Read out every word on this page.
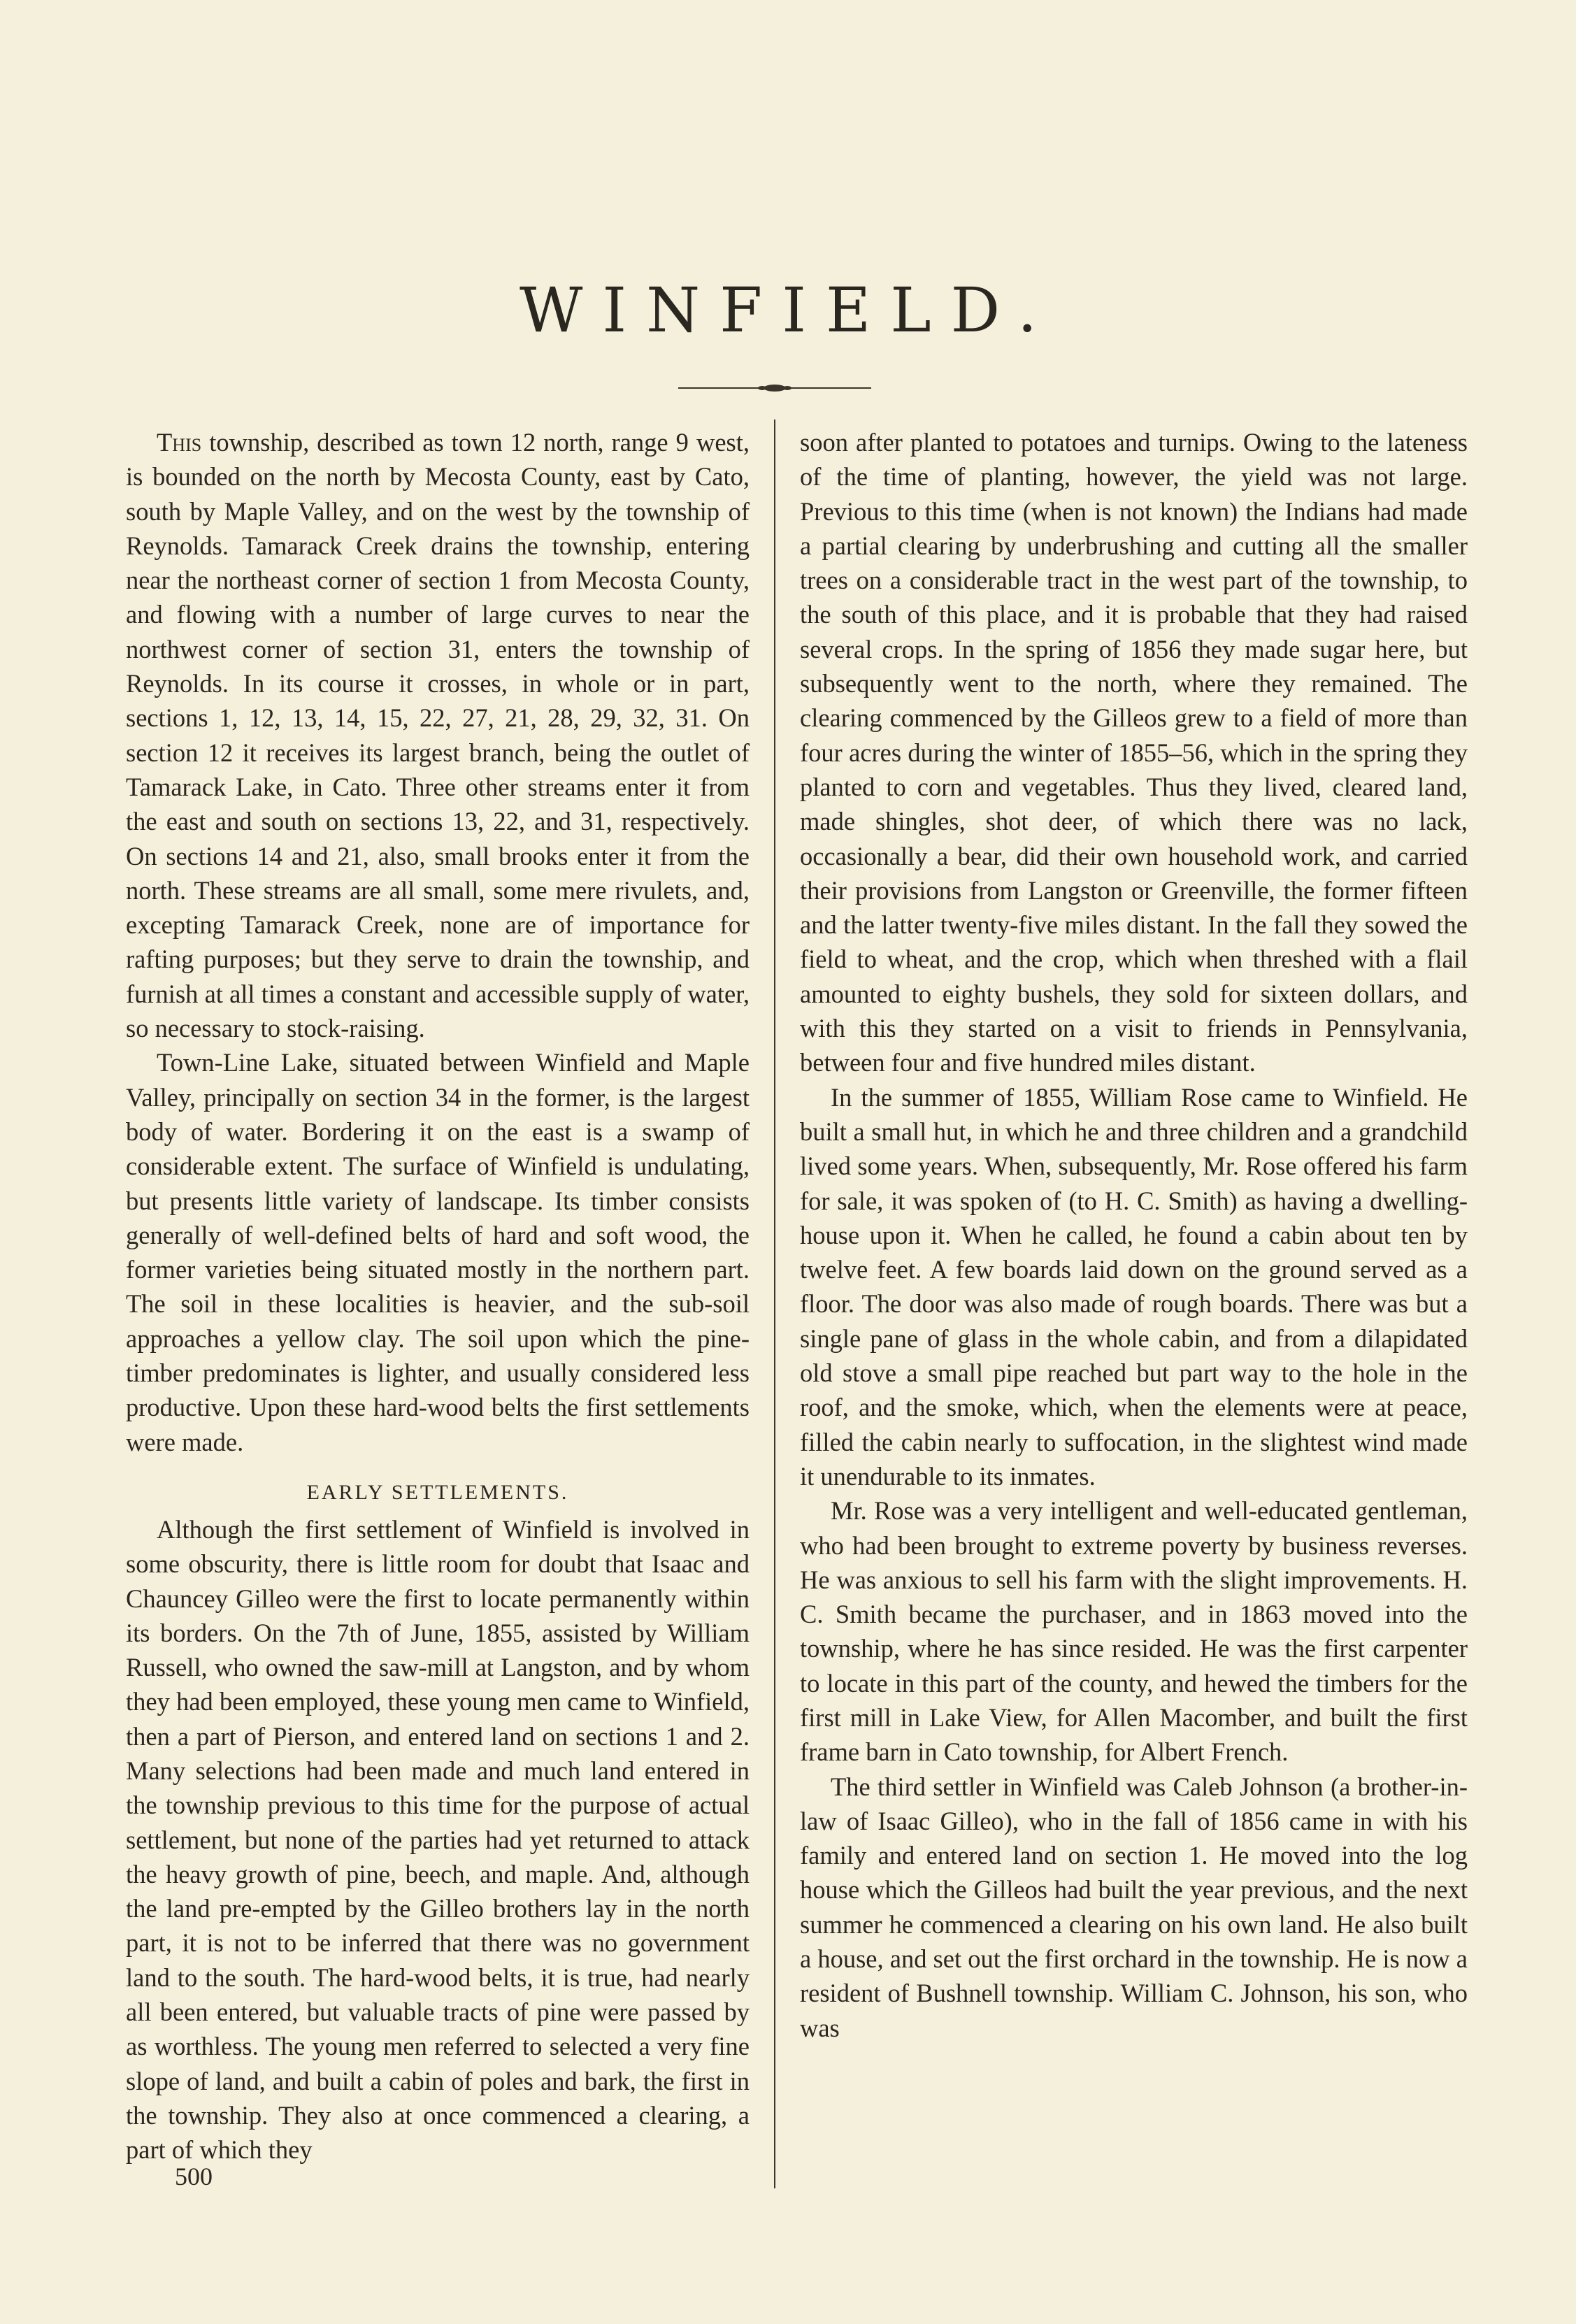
WINFIELD.

This township, described as town 12 north, range 9 west, is bounded on the north by Mecosta County, east by Cato, south by Maple Valley, and on the west by the township of Reynolds. Tamarack Creek drains the township, entering near the northeast corner of section 1 from Mecosta County, and flowing with a number of large curves to near the northwest corner of section 31, enters the township of Reynolds. In its course it crosses, in whole or in part, sections 1, 12, 13, 14, 15, 22, 27, 21, 28, 29, 32, 31. On section 12 it receives its largest branch, being the outlet of Tamarack Lake, in Cato. Three other streams enter it from the east and south on sections 13, 22, and 31, respectively. On sections 14 and 21, also, small brooks enter it from the north. These streams are all small, some mere rivulets, and, excepting Tamarack Creek, none are of importance for rafting purposes; but they serve to drain the township, and furnish at all times a constant and accessible supply of water, so necessary to stock-raising.

Town-Line Lake, situated between Winfield and Maple Valley, principally on section 34 in the former, is the largest body of water. Bordering it on the east is a swamp of considerable extent. The surface of Winfield is undulating, but presents little variety of landscape. Its timber consists generally of well-defined belts of hard and soft wood, the former varieties being situated mostly in the northern part. The soil in these localities is heavier, and the sub-soil approaches a yellow clay. The soil upon which the pine-timber predominates is lighter, and usually considered less productive. Upon these hard-wood belts the first settlements were made.

EARLY SETTLEMENTS.

Although the first settlement of Winfield is involved in some obscurity, there is little room for doubt that Isaac and Chauncey Gilleo were the first to locate permanently within its borders. On the 7th of June, 1855, assisted by William Russell, who owned the saw-mill at Langston, and by whom they had been employed, these young men came to Winfield, then a part of Pierson, and entered land on sections 1 and 2. Many selections had been made and much land entered in the township previous to this time for the purpose of actual settlement, but none of the parties had yet returned to attack the heavy growth of pine, beech, and maple. And, although the land pre-empted by the Gilleo brothers lay in the north part, it is not to be inferred that there was no government land to the south. The hard-wood belts, it is true, had nearly all been entered, but valuable tracts of pine were passed by as worthless. The young men referred to selected a very fine slope of land, and built a cabin of poles and bark, the first in the township. They also at once commenced a clearing, a part of which they

soon after planted to potatoes and turnips. Owing to the lateness of the time of planting, however, the yield was not large. Previous to this time (when is not known) the Indians had made a partial clearing by underbrushing and cutting all the smaller trees on a considerable tract in the west part of the township, to the south of this place, and it is probable that they had raised several crops. In the spring of 1856 they made sugar here, but subsequently went to the north, where they remained. The clearing commenced by the Gilleos grew to a field of more than four acres during the winter of 1855–56, which in the spring they planted to corn and vegetables. Thus they lived, cleared land, made shingles, shot deer, of which there was no lack, occasionally a bear, did their own household work, and carried their provisions from Langston or Greenville, the former fifteen and the latter twenty-five miles distant. In the fall they sowed the field to wheat, and the crop, which when threshed with a flail amounted to eighty bushels, they sold for sixteen dollars, and with this they started on a visit to friends in Pennsylvania, between four and five hundred miles distant.

In the summer of 1855, William Rose came to Winfield. He built a small hut, in which he and three children and a grandchild lived some years. When, subsequently, Mr. Rose offered his farm for sale, it was spoken of (to H. C. Smith) as having a dwelling-house upon it. When he called, he found a cabin about ten by twelve feet. A few boards laid down on the ground served as a floor. The door was also made of rough boards. There was but a single pane of glass in the whole cabin, and from a dilapidated old stove a small pipe reached but part way to the hole in the roof, and the smoke, which, when the elements were at peace, filled the cabin nearly to suffocation, in the slightest wind made it unendurable to its inmates.

Mr. Rose was a very intelligent and well-educated gentleman, who had been brought to extreme poverty by business reverses. He was anxious to sell his farm with the slight improvements. H. C. Smith became the purchaser, and in 1863 moved into the township, where he has since resided. He was the first carpenter to locate in this part of the county, and hewed the timbers for the first mill in Lake View, for Allen Macomber, and built the first frame barn in Cato township, for Albert French.

The third settler in Winfield was Caleb Johnson (a brother-in-law of Isaac Gilleo), who in the fall of 1856 came in with his family and entered land on section 1. He moved into the log house which the Gilleos had built the year previous, and the next summer he commenced a clearing on his own land. He also built a house, and set out the first orchard in the township. He is now a resident of Bushnell township. William C. Johnson, his son, who was

500
